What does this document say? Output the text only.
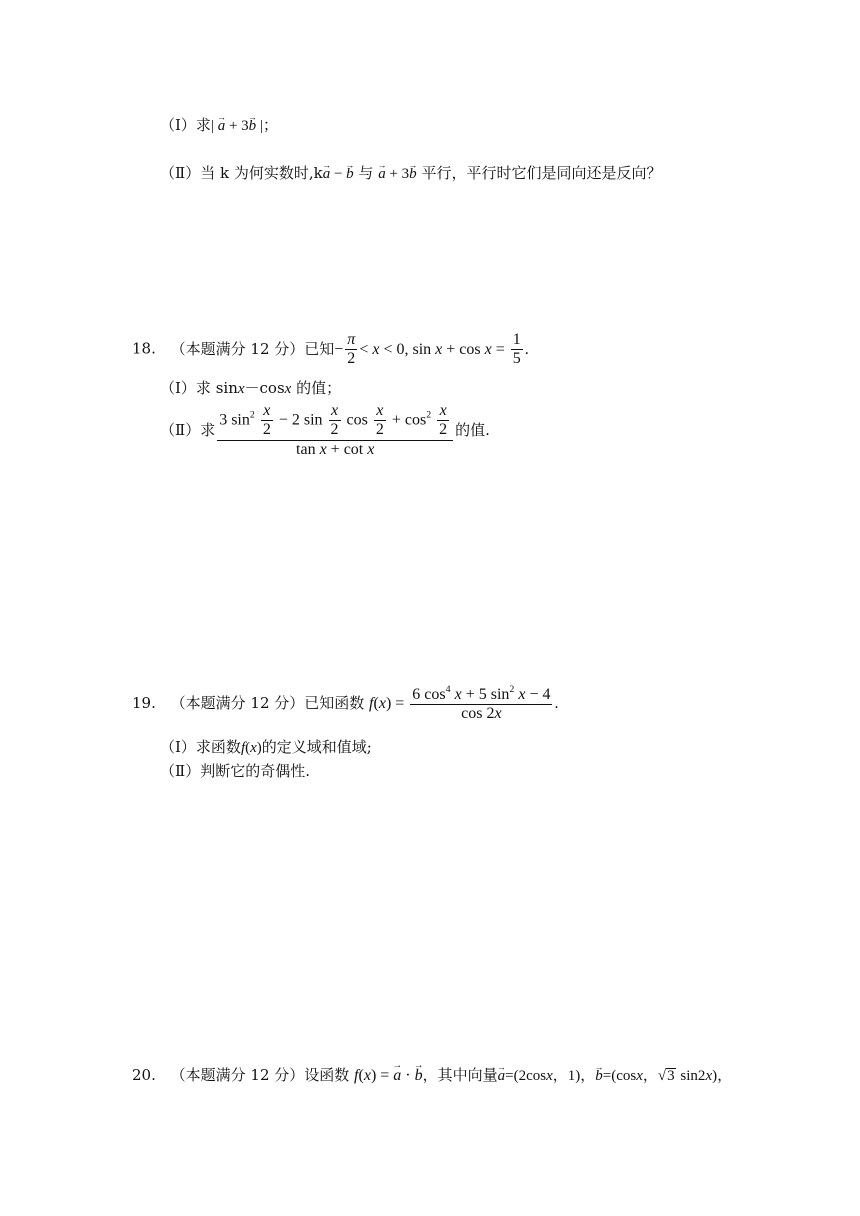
（Ⅰ）求| → a + 3→ b |；
（Ⅱ）当 k 为何实数时,k→ a − → b 与 → a + 3→ b 平行，平行时它们是同向还是反向？
18. （本题满分 12 分）已知− $\frac{\pi}{2} < x < 0$, $\sin x + \cos x = \frac{1}{5}$ .
（Ⅰ）求 sinx－cosx 的值；
（Ⅱ）求 $\frac{3 \sin^2 \frac{x}{2} - 2 \sin \frac{x}{2} \cos \frac{x}{2} + \cos^2 \frac{x}{2}}{\text{tan x + cot x}}$ 的值.
19. （本题满分 12 分）已知函数 $f(x) = \frac{6 \cos^4 x + 5 \sin^2 x - 4}{\cos 2x}$ .
（Ⅰ）求函数f(x)的定义域和值域;
（Ⅱ）判断它的奇偶性.
20. （本题满分 12 分）设函数 f(x) = → a · → b，其中向量→ a=(2cosx，1)，→ b=(cosx，√3 sin2x)，
